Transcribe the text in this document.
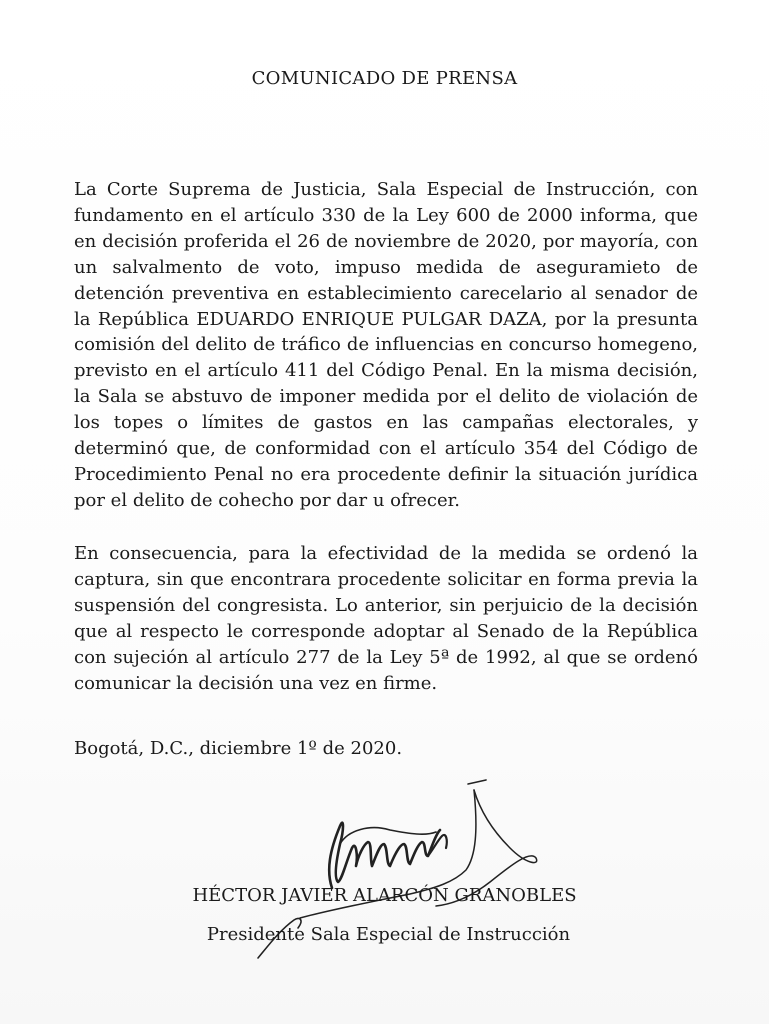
COMUNICADO DE PRENSA

La Corte Suprema de Justicia, Sala Especial de Instrucción, con fundamento en el artículo 330 de la Ley 600 de 2000 informa, que en decisión proferida el 26 de noviembre de 2020, por mayoría, con un salvalmento de voto, impuso medida de aseguramieto de detención preventiva en establecimiento carecelario al senador de la República EDUARDO ENRIQUE PULGAR DAZA, por la presunta comisión del delito de tráfico de influencias en concurso homegeno, previsto en el artículo 411 del Código Penal. En la misma decisión, la Sala se abstuvo de imponer medida por el delito de violación de los topes o límites de gastos en las campañas electorales, y determinó que, de conformidad con el artículo 354 del Código de Procedimiento Penal no era procedente definir la situación jurídica por el delito de cohecho por dar u ofrecer.

En consecuencia, para la efectividad de la medida se ordenó la captura, sin que encontrara procedente solicitar en forma previa la suspensión del congresista. Lo anterior, sin perjuicio de la decisión que al respecto le corresponde adoptar al Senado de la República con sujeción al artículo 277 de la Ley 5ª de 1992, al que se ordenó comunicar la decisión una vez en firme.

Bogotá, D.C., diciembre 1º de 2020.

HÉCTOR JAVIER ALARCÓN GRANOBLES

Presidente Sala Especial de Instrucción
